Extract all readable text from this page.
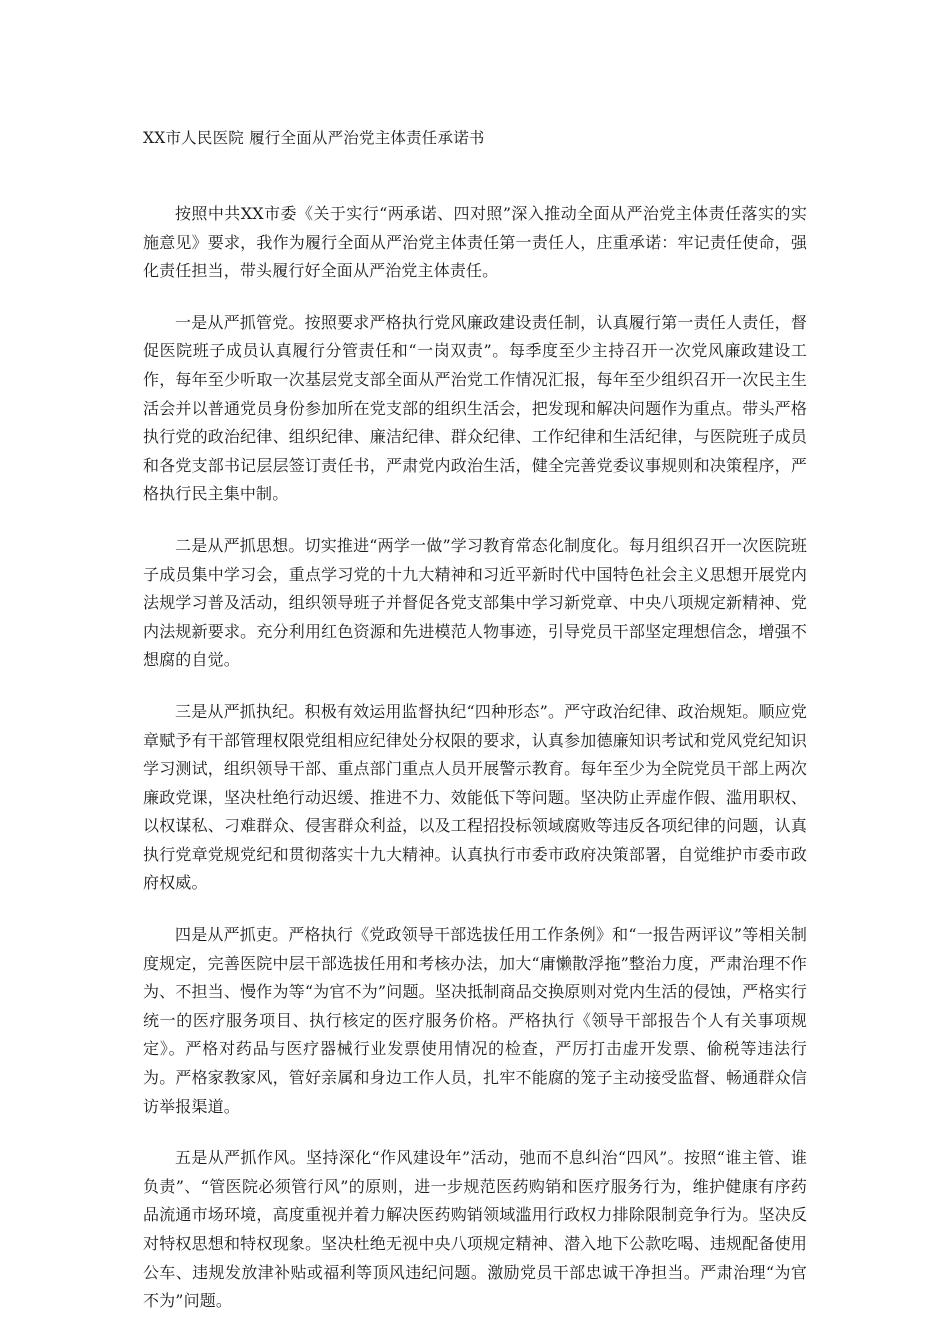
XX市人民医院 履行全面从严治党主体责任承诺书

按照中共XX市委《关于实行“两承诺、四对照”深入推动全面从严治党主体责任落实的实施意见》要求，我作为履行全面从严治党主体责任第一责任人，庄重承诺：牢记责任使命，强化责任担当，带头履行好全面从严治党主体责任。

一是从严抓管党。按照要求严格执行党风廉政建设责任制，认真履行第一责任人责任，督促医院班子成员认真履行分管责任和“一岗双责”。每季度至少主持召开一次党风廉政建设工作，每年至少听取一次基层党支部全面从严治党工作情况汇报，每年至少组织召开一次民主生活会并以普通党员身份参加所在党支部的组织生活会，把发现和解决问题作为重点。带头严格执行党的政治纪律、组织纪律、廉洁纪律、群众纪律、工作纪律和生活纪律，与医院班子成员和各党支部书记层层签订责任书，严肃党内政治生活，健全完善党委议事规则和决策程序，严格执行民主集中制。

二是从严抓思想。切实推进“两学一做”学习教育常态化制度化。每月组织召开一次医院班子成员集中学习会，重点学习党的十九大精神和习近平新时代中国特色社会主义思想开展党内法规学习普及活动，组织领导班子并督促各党支部集中学习新党章、中央八项规定新精神、党内法规新要求。充分利用红色资源和先进模范人物事迹，引导党员干部坚定理想信念，增强不想腐的自觉。

三是从严抓执纪。积极有效运用监督执纪“四种形态”。严守政治纪律、政治规矩。顺应党章赋予有干部管理权限党组相应纪律处分权限的要求，认真参加德廉知识考试和党风党纪知识学习测试，组织领导干部、重点部门重点人员开展警示教育。每年至少为全院党员干部上两次廉政党课，坚决杜绝行动迟缓、推进不力、效能低下等问题。坚决防止弄虚作假、滥用职权、以权谋私、刁难群众、侵害群众利益，以及工程招投标领域腐败等违反各项纪律的问题，认真执行党章党规党纪和贯彻落实十九大精神。认真执行市委市政府决策部署，自觉维护市委市政府权威。

四是从严抓吏。严格执行《党政领导干部选拔任用工作条例》和“一报告两评议”等相关制度规定，完善医院中层干部选拔任用和考核办法，加大“庸懒散浮拖”整治力度，严肃治理不作为、不担当、慢作为等“为官不为”问题。坚决抵制商品交换原则对党内生活的侵蚀，严格实行统一的医疗服务项目、执行核定的医疗服务价格。严格执行《领导干部报告个人有关事项规定》。严格对药品与医疗器械行业发票使用情况的检查，严厉打击虚开发票、偷税等违法行为。严格家教家风，管好亲属和身边工作人员，扎牢不能腐的笼子主动接受监督、畅通群众信访举报渠道。

五是从严抓作风。坚持深化“作风建设年”活动，弛而不息纠治“四风”。按照“谁主管、谁负责”、“管医院必须管行风”的原则，进一步规范医药购销和医疗服务行为，维护健康有序药品流通市场环境，高度重视并着力解决医药购销领域滥用行政权力排除限制竞争行为。坚决反对特权思想和特权现象。坚决杜绝无视中央八项规定精神、潜入地下公款吃喝、违规配备使用公车、违规发放津补贴或福利等顶风违纪问题。激励党员干部忠诚干净担当。严肃治理“为官不为”问题。
